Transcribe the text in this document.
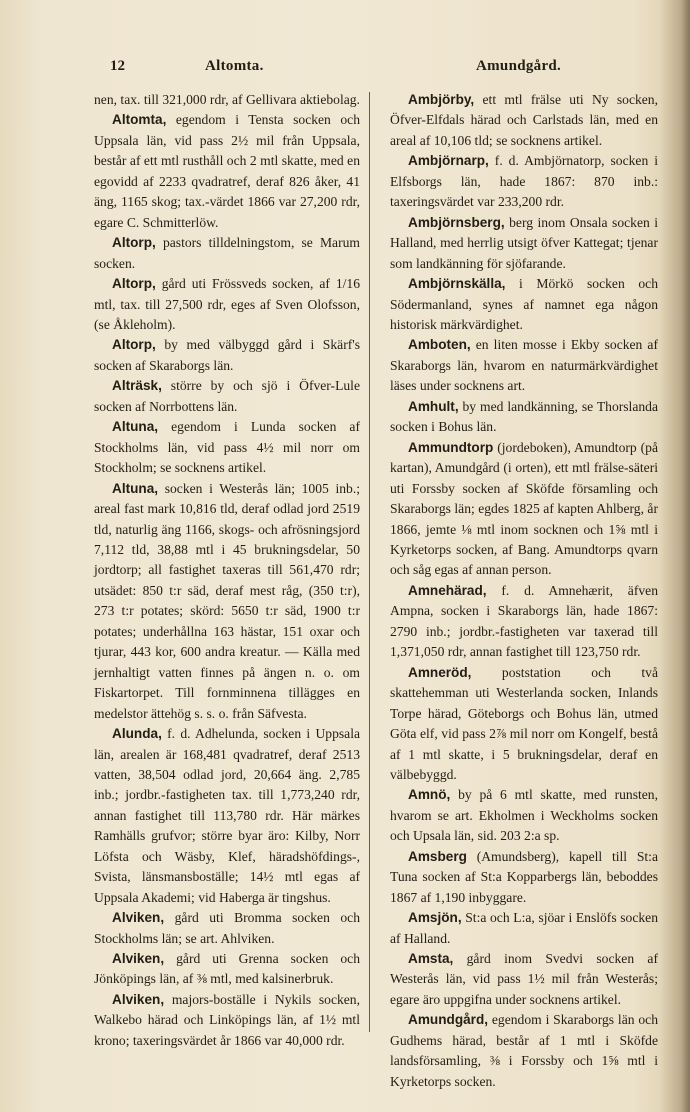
12	Altomta.	Amundgård.

nen, tax. till 321,000 rdr, af Gellivara aktiebolag.

Altomta, egendom i Tensta socken och Uppsala län, vid pass 2½ mil från Uppsala, består af ett mtl rusthåll och 2 mtl skatte, med en egovidd af 2233 qvadratref, deraf 826 åker, 41 äng, 1165 skog; tax.-värdet 1866 var 27,200 rdr, egare C. Schmitterlöw.

Altorp, pastors tilldelningstom, se Marum socken.

Altorp, gård uti Frössveds socken, af 1/16 mtl, tax. till 27,500 rdr, eges af Sven Olofsson, (se Åkleholm).

Altorp, by med välbyggd gård i Skärf's socken af Skaraborgs län.

Alträsk, större by och sjö i Öfver-Lule socken af Norrbottens län.

Altuna, egendom i Lunda socken af Stockholms län, vid pass 4½ mil norr om Stockholm; se socknens artikel.

Altuna, socken i Westerås län; 1005 inb.; areal fast mark 10,816 tld, deraf odlad jord 2519 tld, naturlig äng 1166, skogs- och afrösningsjord 7,112 tld, 38,88 mtl i 45 brukningsdelar, 50 jordtorp; all fastighet taxeras till 561,470 rdr; utsädet: 850 t:r säd, deraf mest råg, (350 t:r), 273 t:r potates; skörd: 5650 t:r säd, 1900 t:r potates; underhållna 163 hästar, 151 oxar och tjurar, 443 kor, 600 andra kreatur. — Källa med jernhaltigt vatten finnes på ängen n. o. om Fiskartorpet. Till fornminnena tillägges en medelstor ättehög s. s. o. från Säfvesta.

Alunda, f. d. Adhelunda, socken i Uppsala län, arealen är 168,481 qvadratref, deraf 2513 vatten, 38,504 odlad jord, 20,664 äng. 2,785 inb.; jordbr.-fastigheten tax. till 1,773,240 rdr, annan fastighet till 113,780 rdr. Här märkes Ramhälls grufvor; större byar äro: Kilby, Norr Löfsta och Wäsby, Klef, häradshöfdings-, Svista, länsmansboställe; 14½ mtl egas af Uppsala Akademi; vid Haberga är tingshus.

Alviken, gård uti Bromma socken och Stockholms län; se art. Ahlviken.

Alviken, gård uti Grenna socken och Jönköpings län, af ⅜ mtl, med kalsinerbruk.

Alviken, majors-boställe i Nykils socken, Walkebo härad och Linköpings län, af 1½ mtl krono; taxeringsvärdet år 1866 var 40,000 rdr.

Ambjörby, ett mtl frälse uti Ny socken, Öfver-Elfdals härad och Carlstads län, med en areal af 10,106 tld; se socknens artikel.

Ambjörnarp, f. d. Ambjörnatorp, socken i Elfsborgs län, hade 1867: 870 inb.: taxeringsvärdet var 233,200 rdr.

Ambjörnsberg, berg inom Onsala socken i Halland, med herrlig utsigt öfver Kattegat; tjenar som landkänning för sjöfarande.

Ambjörnskälla, i Mörkö socken och Södermanland, synes af namnet ega någon historisk märkvärdighet.

Amboten, en liten mosse i Ekby socken af Skaraborgs län, hvarom en naturmärkvärdighet läses under socknens art.

Amhult, by med landkänning, se Thorslanda socken i Bohus län.

Ammundtorp (jordeboken), Amundtorp (på kartan), Amundgård (i orten), ett mtl frälse-säteri uti Forssby socken af Sköfde församling och Skaraborgs län; egdes 1825 af kapten Ahlberg, år 1866, jemte ⅛ mtl inom socknen och 1⅝ mtl i Kyrketorps socken, af Bang. Amundtorps qvarn och såg egas af annan person.

Amnehärad, f. d. Amnehærit, äfven Ampna, socken i Skaraborgs län, hade 1867: 2790 inb.; jordbr.-fastigheten var taxerad till 1,371,050 rdr, annan fastighet till 123,750 rdr.

Amneröd, poststation och två skattehemman uti Westerlanda socken, Inlands Torpe härad, Göteborgs och Bohus län, utmed Göta elf, vid pass 2⅞ mil norr om Kongelf, bestå af 1 mtl skatte, i 5 brukningsdelar, deraf en välbebyggd.

Amnö, by på 6 mtl skatte, med runsten, hvarom se art. Ekholmen i Weckholms socken och Upsala län, sid. 203 2:a sp.

Amsberg (Amundsberg), kapell till St:a Tuna socken af St:a Kopparbergs län, beboddes 1867 af 1,190 inbyggare.

Amsjön, St:a och L:a, sjöar i Enslöfs socken af Halland.

Amsta, gård inom Svedvi socken af Westerås län, vid pass 1½ mil från Westerås; egare äro uppgifna under socknens artikel.

Amundgård, egendom i Skaraborgs län och Gudhems härad, består af 1 mtl i Sköfde landsförsamling, ⅜ i Forssby och 1⅝ mtl i Kyrketorps socken.
